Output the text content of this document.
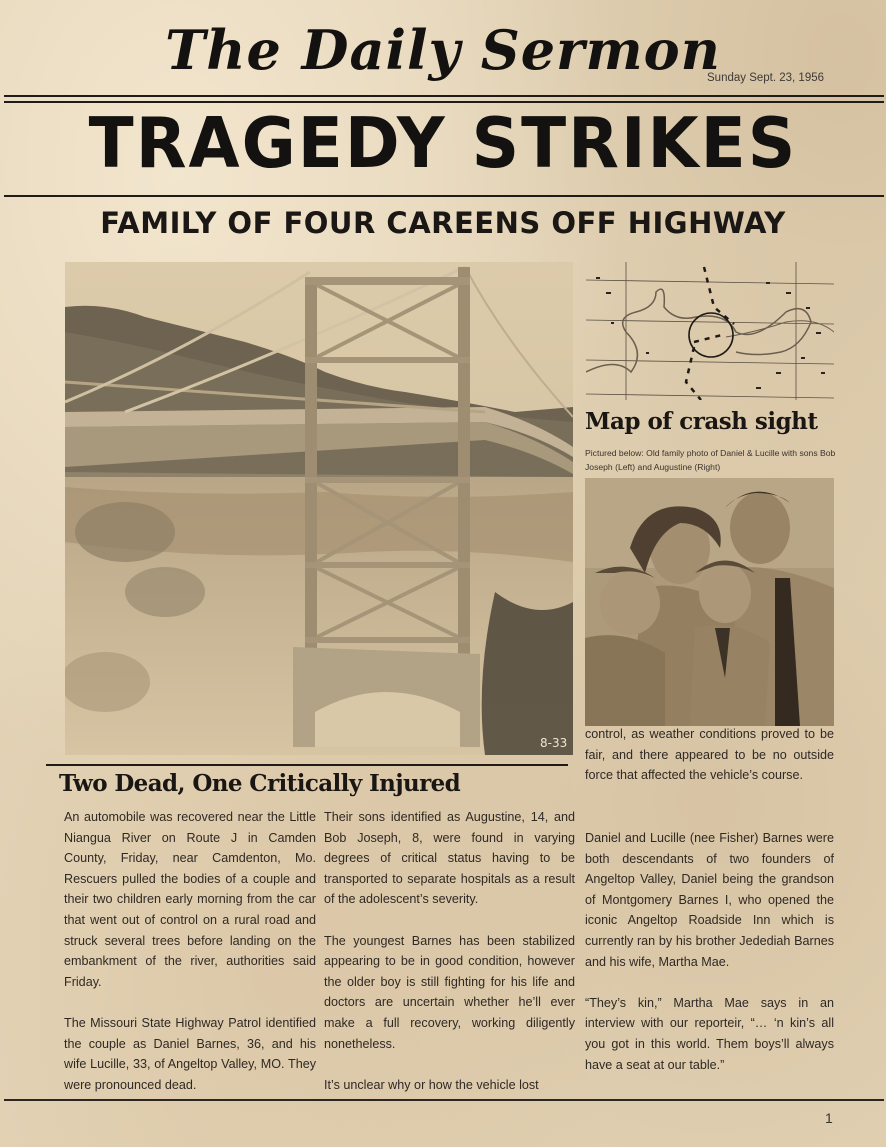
The Daily Sermon
Sunday Sept. 23, 1956
TRAGEDY STRIKES
FAMILY OF FOUR CAREENS OFF HIGHWAY
8-33
Map of crash sight
Pictured below: Old family photo of Daniel & Lucille with sons Bob Joseph (Left) and Augustine (Right)
Two Dead, One Critically Injured

An automobile was recovered near the Little Niangua River on Route J in Camden County, Friday, near Camdenton, Mo. Rescuers pulled the bodies of a couple and their two children early morning from the car that went out of control on a rural road and struck several trees before landing on the embankment of the river, authorities said Friday.

The Missouri State Highway Patrol identified the couple as Daniel Barnes, 36, and his wife Lucille, 33, of Angeltop Valley, MO. They were pronounced dead.

Their sons identified as Augustine, 14, and Bob Joseph, 8, were found in varying degrees of critical status having to be transported to separate hospitals as a result of the adolescent’s severity.

The youngest Barnes has been stabilized appearing to be in good condition, however the older boy is still fighting for his life and doctors are uncertain whether he’ll ever make a full recovery, working diligently nonetheless.

It’s unclear why or how the vehicle lost

control, as weather conditions proved to be fair, and there appeared to be no outside force that affected the vehicle’s course.

Daniel and Lucille (nee Fisher) Barnes were both descendants of two founders of Angeltop Valley, Daniel being the grandson of Montgomery Barnes I, who opened the iconic Angeltop Roadside Inn which is currently ran by his brother Jedediah Barnes and his wife, Martha Mae.

“They’s kin,” Martha Mae says in an interview with our reporteir, “… ‘n kin’s all you got in this world. Them boys’ll always have a seat at our table.”

1
